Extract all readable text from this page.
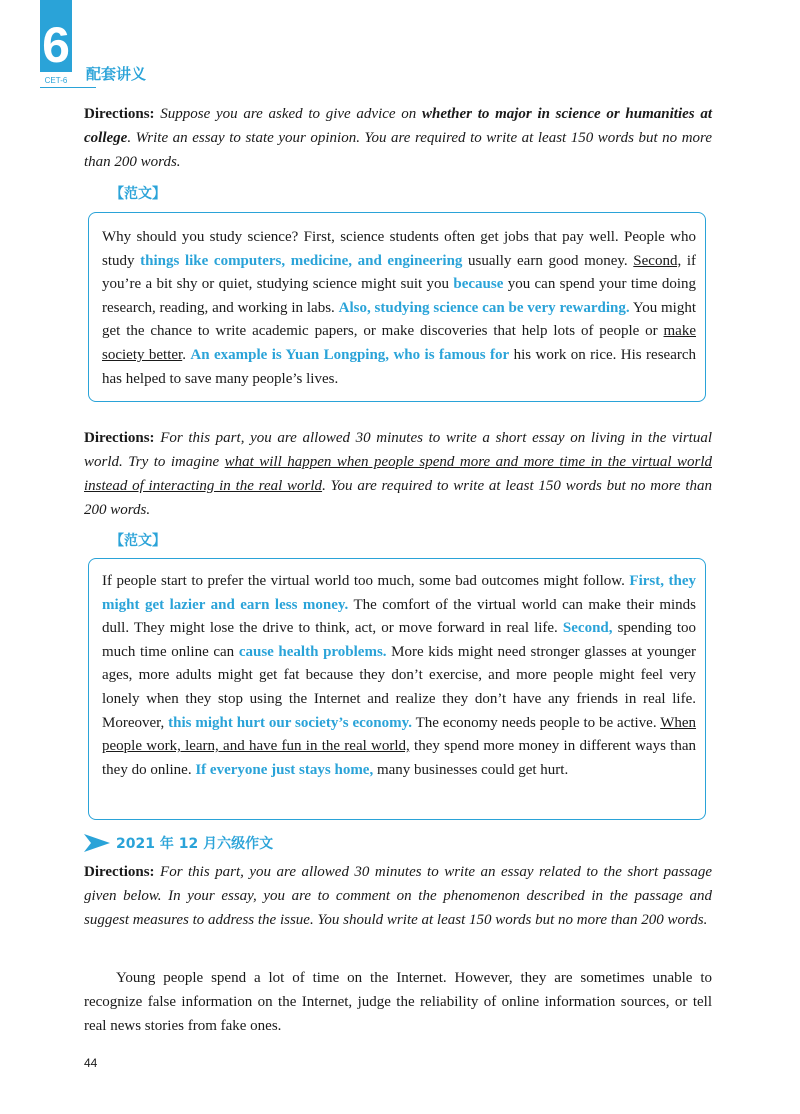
6
CET-6	配套讲义
Directions: Suppose you are asked to give advice on whether to major in science or humanities at college. Write an essay to state your opinion. You are required to write at least 150 words but no more than 200 words.
【范文】
Why should you study science? First, science students often get jobs that pay well. People who study things like computers, medicine, and engineering usually earn good money. Second, if you’re a bit shy or quiet, studying science might suit you because you can spend your time doing research, reading, and working in labs. Also, studying science can be very rewarding. You might get the chance to write academic papers, or make discoveries that help lots of people or make society better. An example is Yuan Longping, who is famous for his work on rice. His research has helped to save many people’s lives.
Directions: For this part, you are allowed 30 minutes to write a short essay on living in the virtual world. Try to imagine what will happen when people spend more and more time in the virtual world instead of interacting in the real world. You are required to write at least 150 words but no more than 200 words.
【范文】
If people start to prefer the virtual world too much, some bad outcomes might follow. First, they might get lazier and earn less money. The comfort of the virtual world can make their minds dull. They might lose the drive to think, act, or move forward in real life. Second, spending too much time online can cause health problems. More kids might need stronger glasses at younger ages, more adults might get fat because they don’t exercise, and more people might feel very lonely when they stop using the Internet and realize they don’t have any friends in real life. Moreover, this might hurt our society’s economy. The economy needs people to be active. When people work, learn, and have fun in the real world, they spend more money in different ways than they do online. If everyone just stays home, many businesses could get hurt.
2021 年 12 月六级作文
Directions: For this part, you are allowed 30 minutes to write an essay related to the short passage given below. In your essay, you are to comment on the phenomenon described in the passage and suggest measures to address the issue. You should write at least 150 words but no more than 200 words.
Young people spend a lot of time on the Internet. However, they are sometimes unable to recognize false information on the Internet, judge the reliability of online information sources, or tell real news stories from fake ones.
44
